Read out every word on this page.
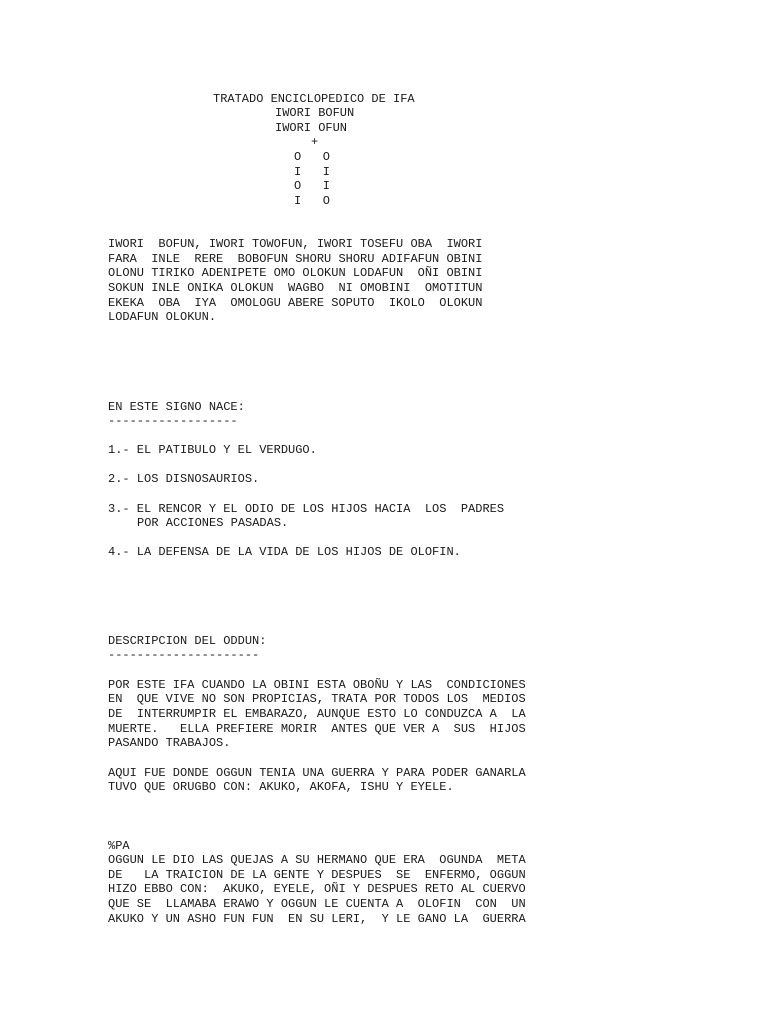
TRATADO ENCICLOPEDICO DE IFA
IWORI BOFUN
IWORI OFUN
+
O   O
I   I
O   I
I   O
IWORI  BOFUN, IWORI TOWOFUN, IWORI TOSEFU OBA  IWORI
FARA  INLE  RERE  BOBOFUN SHORU SHORU ADIFAFUN OBINI
OLONU TIRIKO ADENIPETE OMO OLOKUN LODAFUN  OÑI OBINI
SOKUN INLE ONIKA OLOKUN  WAGBO  NI OMOBINI  OMOTITUN
EKEKA  OBA  IYA  OMOLOGU ABERE SOPUTO  IKOLO  OLOKUN
LODAFUN OLOKUN.
EN ESTE SIGNO NACE:
------------------
1.- EL PATIBULO Y EL VERDUGO.
2.- LOS DISNOSAURIOS.
3.- EL RENCOR Y EL ODIO DE LOS HIJOS HACIA  LOS  PADRES
POR ACCIONES PASADAS.
4.- LA DEFENSA DE LA VIDA DE LOS HIJOS DE OLOFIN.
DESCRIPCION DEL ODDUN:
---------------------
POR ESTE IFA CUANDO LA OBINI ESTA OBOÑU Y LAS  CONDICIONES
EN  QUE VIVE NO SON PROPICIAS, TRATA POR TODOS LOS  MEDIOS
DE  INTERRUMPIR EL EMBARAZO, AUNQUE ESTO LO CONDUZCA A  LA
MUERTE.   ELLA PREFIERE MORIR  ANTES QUE VER A  SUS  HIJOS
PASANDO TRABAJOS.
AQUI FUE DONDE OGGUN TENIA UNA GUERRA Y PARA PODER GANARLA
TUVO QUE ORUGBO CON: AKUKO, AKOFA, ISHU Y EYELE.
%PA
OGGUN LE DIO LAS QUEJAS A SU HERMANO QUE ERA  OGUNDA  META
DE   LA TRAICION DE LA GENTE Y DESPUES  SE  ENFERMO, OGGUN
HIZO EBBO CON:  AKUKO, EYELE, OÑI Y DESPUES RETO AL CUERVO
QUE SE  LLAMABA ERAWO Y OGGUN LE CUENTA A  OLOFIN  CON  UN
AKUKO Y UN ASHO FUN FUN  EN SU LERI,  Y LE GANO LA  GUERRA
